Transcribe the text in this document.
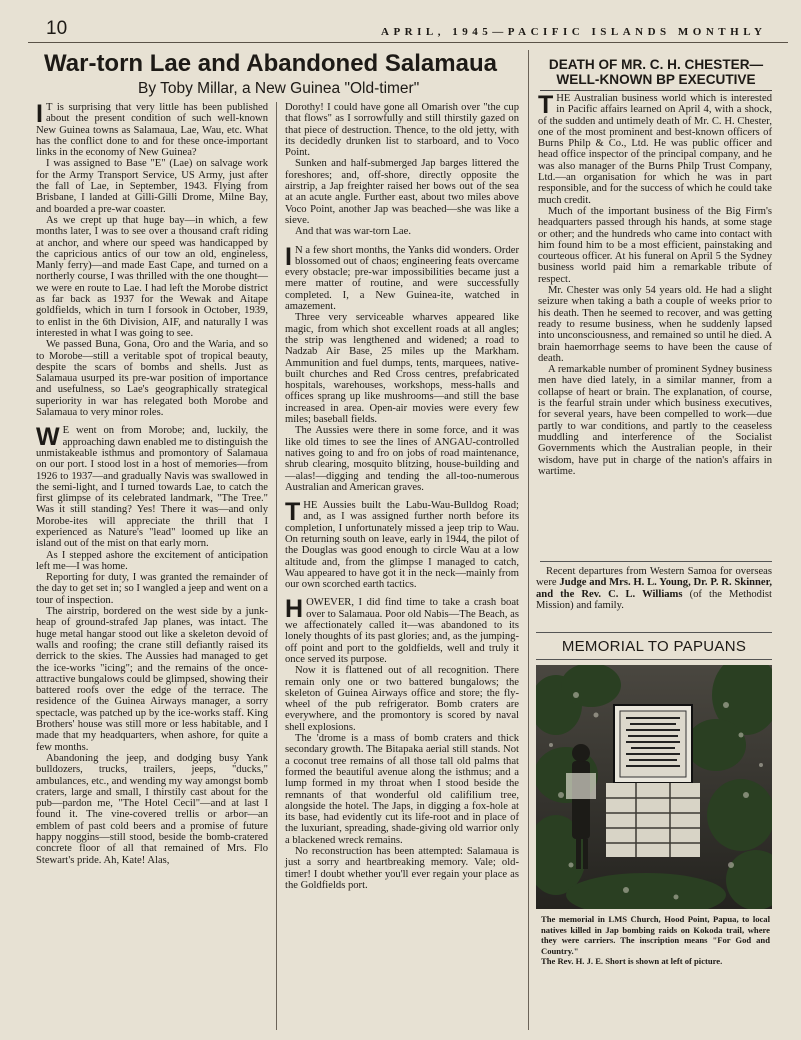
10	APRIL, 1945—PACIFIC ISLANDS MONTHLY
War-torn Lae and Abandoned Salamaua
By Toby Millar, a New Guinea "Old-timer"

I T is surprising that very little has been published about the present condition of such well-known New Guinea towns as Salamaua, Lae, Wau, etc. What has the conflict done to and for these once-important links in the economy of New Guinea?

I was assigned to Base "E" (Lae) on salvage work for the Army Transport Service, US Army, just after the fall of Lae, in September, 1943. Flying from Brisbane, I landed at Gilli-Gilli Drome, Milne Bay, and boarded a pre-war coaster.

As we crept up that huge bay—in which, a few months later, I was to see over a thousand craft riding at anchor, and where our speed was handicapped by the capricious antics of our tow an old, engineless, Manly ferry)—and made East Cape, and turned on a northerly course, I was thrilled with the one thought—we were en route to Lae. I had left the Morobe district as far back as 1937 for the Wewak and Aitape goldfields, which in turn I forsook in October, 1939, to enlist in the 6th Division, AIF, and naturally I was interested in what I was going to see.

We passed Buna, Gona, Oro and the Waria, and so to Morobe—still a veritable spot of tropical beauty, despite the scars of bombs and shells. Just as Salamaua usurped its pre-war position of importance and usefulness, so Lae's geographically strategical superiority in war has relegated both Morobe and Salamaua to very minor roles.

W E went on from Morobe; and, luckily, the approaching dawn enabled me to distinguish the unmistakeable isthmus and promontory of Salamaua on our port. I stood lost in a host of memories—from 1926 to 1937—and gradually Navis was swallowed in the semi-light, and I turned towards Lae, to catch the first glimpse of its celebrated landmark, "The Tree." Was it still standing? Yes! There it was—and only Morobe-ites will appreciate the thrill that I experienced as Nature's "lead" loomed up like an island out of the mist on that early morn.

As I stepped ashore the excitement of anticipation left me—I was home.

Reporting for duty, I was granted the remainder of the day to get set in; so I wangled a jeep and went on a tour of inspection.

The airstrip, bordered on the west side by a junk-heap of ground-strafed Jap planes, was intact. The huge metal hangar stood out like a skeleton devoid of walls and roofing; the crane still defiantly raised its derrick to the skies. The Aussies had managed to get the ice-works "icing"; and the remains of the once-attractive bungalows could be glimpsed, showing their battered roofs over the edge of the terrace. The residence of the Guinea Airways manager, a sorry spectacle, was patched up by the ice-works staff. King Brothers' house was still more or less habitable, and I made that my headquarters, when ashore, for quite a few months.

Abandoning the jeep, and dodging busy Yank bulldozers, trucks, trailers, jeeps, "ducks," ambulances, etc., and wending my way amongst bomb craters, large and small, I thirstily cast about for the pub—pardon me, "The Hotel Cecil"—and at last I found it. The vine-covered trellis or arbor—an emblem of past cold beers and a promise of future happy noggins—still stood, beside the bomb-cratered concrete floor of all that remained of Mrs. Flo Stewart's pride. Ah, Kate! Alas,

Dorothy! I could have gone all Omarish over "the cup that flows" as I sorrowfully and still thirstily gazed on that piece of destruction. Thence, to the old jetty, with its decidedly drunken list to starboard, and to Voco Point.

Sunken and half-submerged Jap barges littered the foreshores; and, off-shore, directly opposite the airstrip, a Jap freighter raised her bows out of the sea at an acute angle. Further east, about two miles above Voco Point, another Jap was beached—she was like a sieve.

And that was war-torn Lae.

I N a few short months, the Yanks did wonders. Order blossomed out of chaos; engineering feats overcame every obstacle; pre-war impossibilities became just a mere matter of routine, and were successfully completed. I, a New Guinea-ite, watched in amazement.

Three very serviceable wharves appeared like magic, from which shot excellent roads at all angles; the strip was lengthened and widened; a road to Nadzab Air Base, 25 miles up the Markham. Ammunition and fuel dumps, tents, marquees, native-built churches and Red Cross centres, prefabricated hospitals, warehouses, workshops, mess-halls and offices sprang up like mushrooms—and still the base increased in area. Open-air movies were every few miles; baseball fields.

The Aussies were there in some force, and it was like old times to see the lines of ANGAU-controlled natives going to and fro on jobs of road maintenance, shrub clearing, mosquito blitzing, house-building and—alas!—digging and tending the all-too-numerous Australian and American graves.

THE Aussies built the Labu-Wau-Bulldog Road; and, as I was assigned further north before its completion, I unfortunately missed a jeep trip to Wau. On returning south on leave, early in 1944, the pilot of the Douglas was good enough to circle Wau at a low altitude and, from the glimpse I managed to catch, Wau appeared to have got it in the neck—mainly from our own scorched earth tactics.

HOWEVER, I did find time to take a crash boat over to Salamaua. Poor old Nabis—The Beach, as we affectionately called it—was abandoned to its lonely thoughts of its past glories; and, as the jumping-off point and port to the goldfields, well and truly it once served its purpose.

Now it is flattened out of all recognition. There remain only one or two battered bungalows; the skeleton of Guinea Airways office and store; the fly-wheel of the pub refrigerator. Bomb craters are everywhere, and the promontory is scored by naval shell explosions.

The 'drome is a mass of bomb craters and thick secondary growth. The Bitapaka aerial still stands. Not a coconut tree remains of all those tall old palms that formed the beautiful avenue along the isthmus; and a lump formed in my throat when I stood beside the remnants of that wonderful old califilium tree, alongside the hotel. The Japs, in digging a fox-hole at its base, had evidently cut its life-root and in place of the luxuriant, spreading, shade-giving old warrior only a blackened wreck remains.

No reconstruction has been attempted: Salamaua is just a sorry and heartbreaking memory. Vale; old-timer! I doubt whether you'll ever regain your place as the Goldfields port.

DEATH OF MR. C. H. CHESTER—
WELL-KNOWN BP EXECUTIVE

THE Australian business world which is interested in Pacific affairs learned on April 4, with a shock, of the sudden and untimely death of Mr. C. H. Chester, one of the most prominent and best-known officers of Burns Philp & Co., Ltd. He was public officer and head office inspector of the principal company, and he was also manager of the Burns Philp Trust Company, Ltd.—an organisation for which he was in part responsible, and for the success of which he could take much credit.

Much of the important business of the Big Firm's headquarters passed through his hands, at some stage or other; and the hundreds who came into contact with him found him to be a most efficient, painstaking and courteous officer. At his funeral on April 5 the Sydney business world paid him a remarkable tribute of respect.

Mr. Chester was only 54 years old. He had a slight seizure when taking a bath a couple of weeks prior to his death. Then he seemed to recover, and was getting ready to resume business, when he suddenly lapsed into unconsciousness, and remained so until he died. A brain haemorrhage seems to have been the cause of death.

A remarkable number of prominent Sydney business men have died lately, in a similar manner, from a collapse of heart or brain. The explanation, of course, is the fearful strain under which business executives, for several years, have been compelled to work—due partly to war conditions, and partly to the ceaseless muddling and interference of the Socialist Governments which the Australian people, in their wisdom, have put in charge of the nation's affairs in wartime.

Recent departures from Western Samoa for overseas were Judge and Mrs. H. L. Young, Dr. P. R. Skinner, and the Rev. C. L. Williams (of the Methodist Mission) and family.

MEMORIAL TO PAPUANS

The memorial in LMS Church, Hood Point, Papua, to local natives killed in Jap bombing raids on Kokoda trail, where they were carriers. The inscription means "For God and Country."

The Rev. H. J. E. Short is shown at left of picture.
